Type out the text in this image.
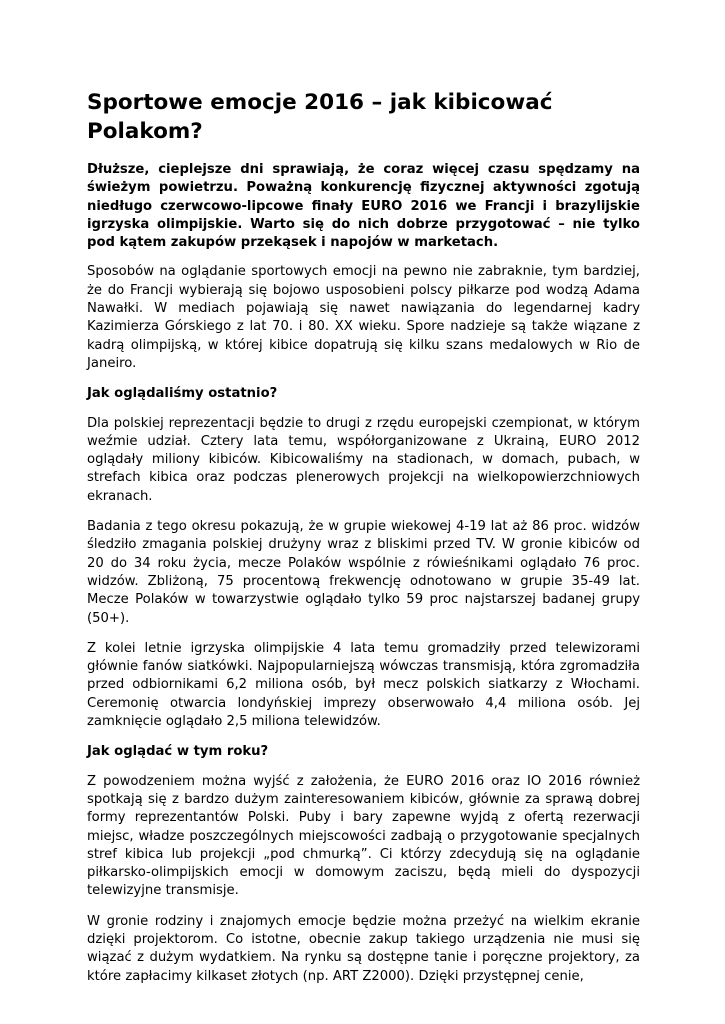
Sportowe emocje 2016 – jak kibicować Polakom?

Dłuższe, cieplejsze dni sprawiają, że coraz więcej czasu spędzamy na świeżym powietrzu. Poważną konkurencję fizycznej aktywności zgotują niedługo czerwcowo-lipcowe finały EURO 2016 we Francji i brazylijskie igrzyska olimpijskie. Warto się do nich dobrze przygotować – nie tylko pod kątem zakupów przekąsek i napojów w marketach.

Sposobów na oglądanie sportowych emocji na pewno nie zabraknie, tym bardziej, że do Francji wybierają się bojowo usposobieni polscy piłkarze pod wodzą Adama Nawałki. W mediach pojawiają się nawet nawiązania do legendarnej kadry Kazimierza Górskiego z lat 70. i 80. XX wieku. Spore nadzieje są także wiązane z kadrą olimpijską, w której kibice dopatrują się kilku szans medalowych w Rio de Janeiro.

Jak oglądaliśmy ostatnio?

Dla polskiej reprezentacji będzie to drugi z rzędu europejski czempionat, w którym weźmie udział. Cztery lata temu, współorganizowane z Ukrainą, EURO 2012 oglądały miliony kibiców. Kibicowaliśmy na stadionach, w domach, pubach, w strefach kibica oraz podczas plenerowych projekcji na wielkopowierzchniowych ekranach.

Badania z tego okresu pokazują, że w grupie wiekowej 4-19 lat aż 86 proc. widzów śledziło zmagania polskiej drużyny wraz z bliskimi przed TV. W gronie kibiców od 20 do 34 roku życia, mecze Polaków wspólnie z rówieśnikami oglądało 76 proc. widzów. Zbliżoną, 75 procentową frekwencję odnotowano w grupie 35-49 lat. Mecze Polaków w towarzystwie oglądało tylko 59 proc najstarszej badanej grupy (50+).

Z kolei letnie igrzyska olimpijskie 4 lata temu gromadziły przed telewizorami głównie fanów siatkówki. Najpopularniejszą wówczas transmisją, która zgromadziła przed odbiornikami 6,2 miliona osób, był mecz polskich siatkarzy z Włochami. Ceremonię otwarcia londyńskiej imprezy obserwowało 4,4 miliona osób. Jej zamknięcie oglądało 2,5 miliona telewidzów.

Jak oglądać w tym roku?

Z powodzeniem można wyjść z założenia, że EURO 2016 oraz IO 2016 również spotkają się z bardzo dużym zainteresowaniem kibiców, głównie za sprawą dobrej formy reprezentantów Polski. Puby i bary zapewne wyjdą z ofertą rezerwacji miejsc, władze poszczególnych miejscowości zadbają o przygotowanie specjalnych stref kibica lub projekcji „pod chmurką”. Ci którzy zdecydują się na oglądanie piłkarsko-olimpijskich emocji w domowym zaciszu, będą mieli do dyspozycji telewizyjne transmisje.

W gronie rodziny i znajomych emocje będzie można przeżyć na wielkim ekranie dzięki projektorom. Co istotne, obecnie zakup takiego urządzenia nie musi się wiązać z dużym wydatkiem. Na rynku są dostępne tanie i poręczne projektory, za które zapłacimy kilkaset złotych (np. ART Z2000). Dzięki przystępnej cenie,
